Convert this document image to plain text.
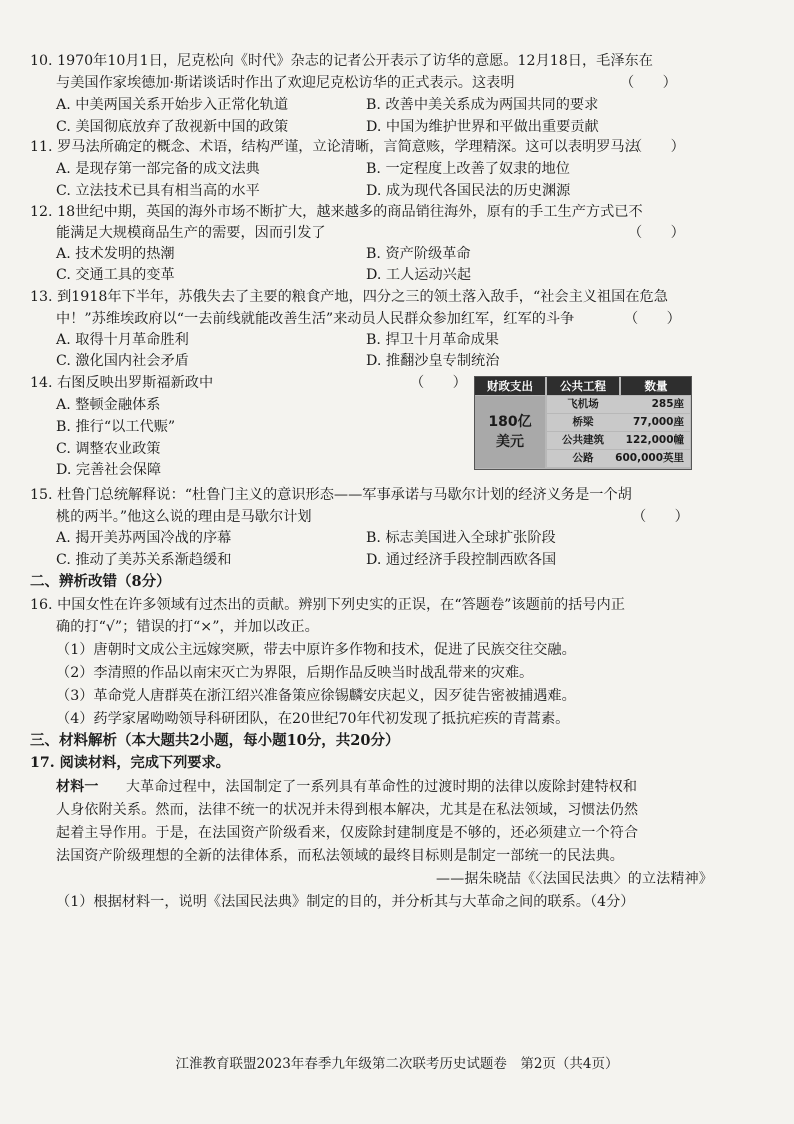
10. 1970年10月1日，尼克松向《时代》杂志的记者公开表示了访华的意愿。12月18日，毛泽东在
与美国作家埃德加·斯诺谈话时作出了欢迎尼克松访华的正式表示。这表明	（　　）
A. 中美两国关系开始步入正常化轨道	B. 改善中美关系成为两国共同的要求
C. 美国彻底放弃了敌视新中国的政策	D. 中国为维护世界和平做出重要贡献
11. 罗马法所确定的概念、术语，结构严谨，立论清晰，言简意赅，学理精深。这可以表明罗马法
（　　）
A. 是现存第一部完备的成文法典	B. 一定程度上改善了奴隶的地位
C. 立法技术已具有相当高的水平	D. 成为现代各国民法的历史渊源
12. 18世纪中期，英国的海外市场不断扩大，越来越多的商品销往海外，原有的手工生产方式已不
能满足大规模商品生产的需要，因而引发了	（　　）
A. 技术发明的热潮	B. 资产阶级革命
C. 交通工具的变革	D. 工人运动兴起
13. 到1918年下半年，苏俄失去了主要的粮食产地，四分之三的领土落入敌手，“社会主义祖国在危急
中！”苏维埃政府以“一去前线就能改善生活”来动员人民群众参加红军，红军的斗争	（　　）
A. 取得十月革命胜利	B. 捍卫十月革命成果
C. 激化国内社会矛盾	D. 推翻沙皇专制统治
14. 右图反映出罗斯福新政中	（　　）
A. 整顿金融体系
B. 推行“以工代赈”
C. 调整农业政策
D. 完善社会保障
财政支出	公共工程	数量
180亿
美元
飞机场	285座
桥梁	77,000座
公共建筑	122,000幢
公路	600,000英里
15. 杜鲁门总统解释说：“杜鲁门主义的意识形态——军事承诺与马歇尔计划的经济义务是一个胡
桃的两半。”他这么说的理由是马歇尔计划	（　　）
A. 揭开美苏两国冷战的序幕	B. 标志美国进入全球扩张阶段
C. 推动了美苏关系渐趋缓和	D. 通过经济手段控制西欧各国
二、辨析改错（8分）
16. 中国女性在许多领域有过杰出的贡献。辨别下列史实的正误，在“答题卷”该题前的括号内正
确的打“√”；错误的打“×”，并加以改正。
（1）唐朝时文成公主远嫁突厥，带去中原许多作物和技术，促进了民族交往交融。
（2）李清照的作品以南宋灭亡为界限，后期作品反映当时战乱带来的灾难。
（3）革命党人唐群英在浙江绍兴准备策应徐锡麟安庆起义，因歹徒告密被捕遇难。
（4）药学家屠呦呦领导科研团队，在20世纪70年代初发现了抵抗疟疾的青蒿素。
三、材料解析（本大题共2小题，每小题10分，共20分）
17. 阅读材料，完成下列要求。
材料一 大革命过程中，法国制定了一系列具有革命性的过渡时期的法律以废除封建特权和
人身依附关系。然而，法律不统一的状况并未得到根本解决，尤其是在私法领域，习惯法仍然
起着主导作用。于是，在法国资产阶级看来，仅废除封建制度是不够的，还必须建立一个符合
法国资产阶级理想的全新的法律体系，而私法领域的最终目标则是制定一部统一的民法典。
——据朱晓喆《〈法国民法典〉的立法精神》
（1）根据材料一，说明《法国民法典》制定的目的，并分析其与大革命之间的联系。（4分）
江淮教育联盟2023年春季九年级第二次联考历史试题卷　第2页（共4页）
